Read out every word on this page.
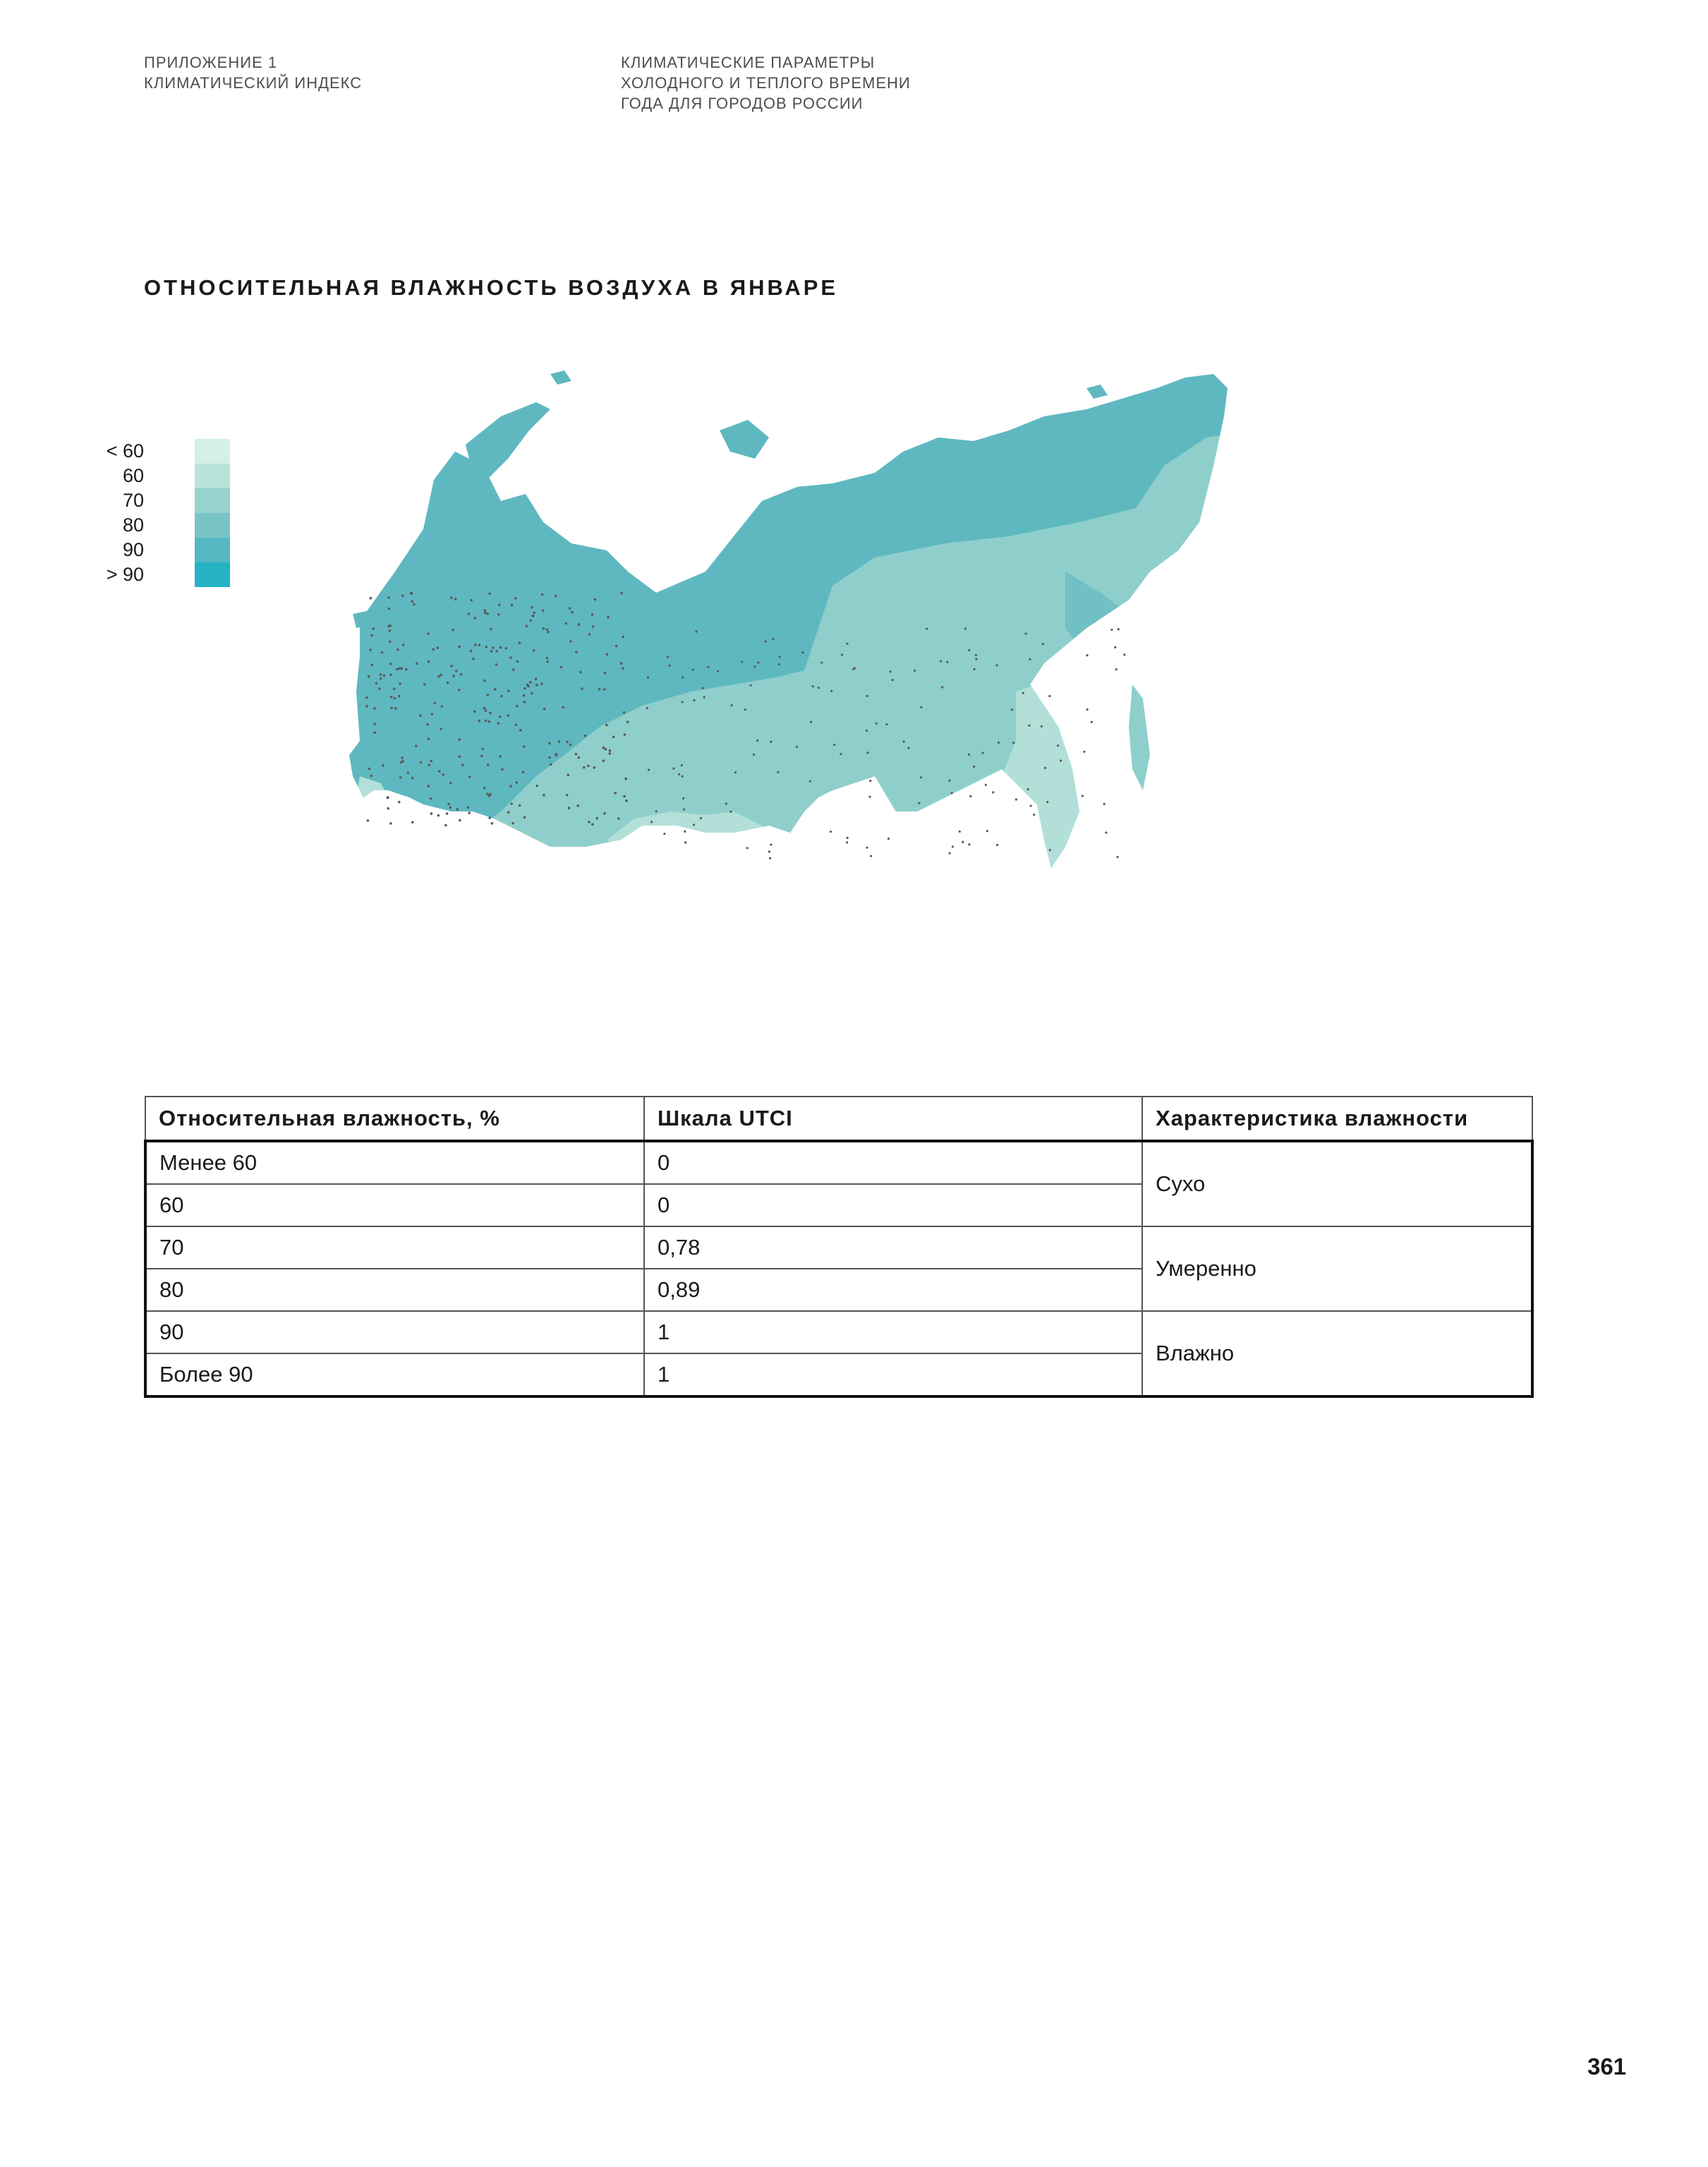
ПРИЛОЖЕНИЕ 1
КЛИМАТИЧЕСКИЙ ИНДЕКС
КЛИМАТИЧЕСКИЕ ПАРАМЕТРЫ
ХОЛОДНОГО И ТЕПЛОГО ВРЕМЕНИ
ГОДА ДЛЯ ГОРОДОВ РОССИИ
ОТНОСИТЕЛЬНАЯ ВЛАЖНОСТЬ ВОЗДУХА В ЯНВАРЕ
< 60
60
70
80
90
> 90
Относительная влажность, %	Шкала UTCI	Характеристика влажности
Менее 60	0	Сухо
60	0	
70	0,78	Умеренно
80	0,89	
90	1	Влажно
Более 90	1	
361
